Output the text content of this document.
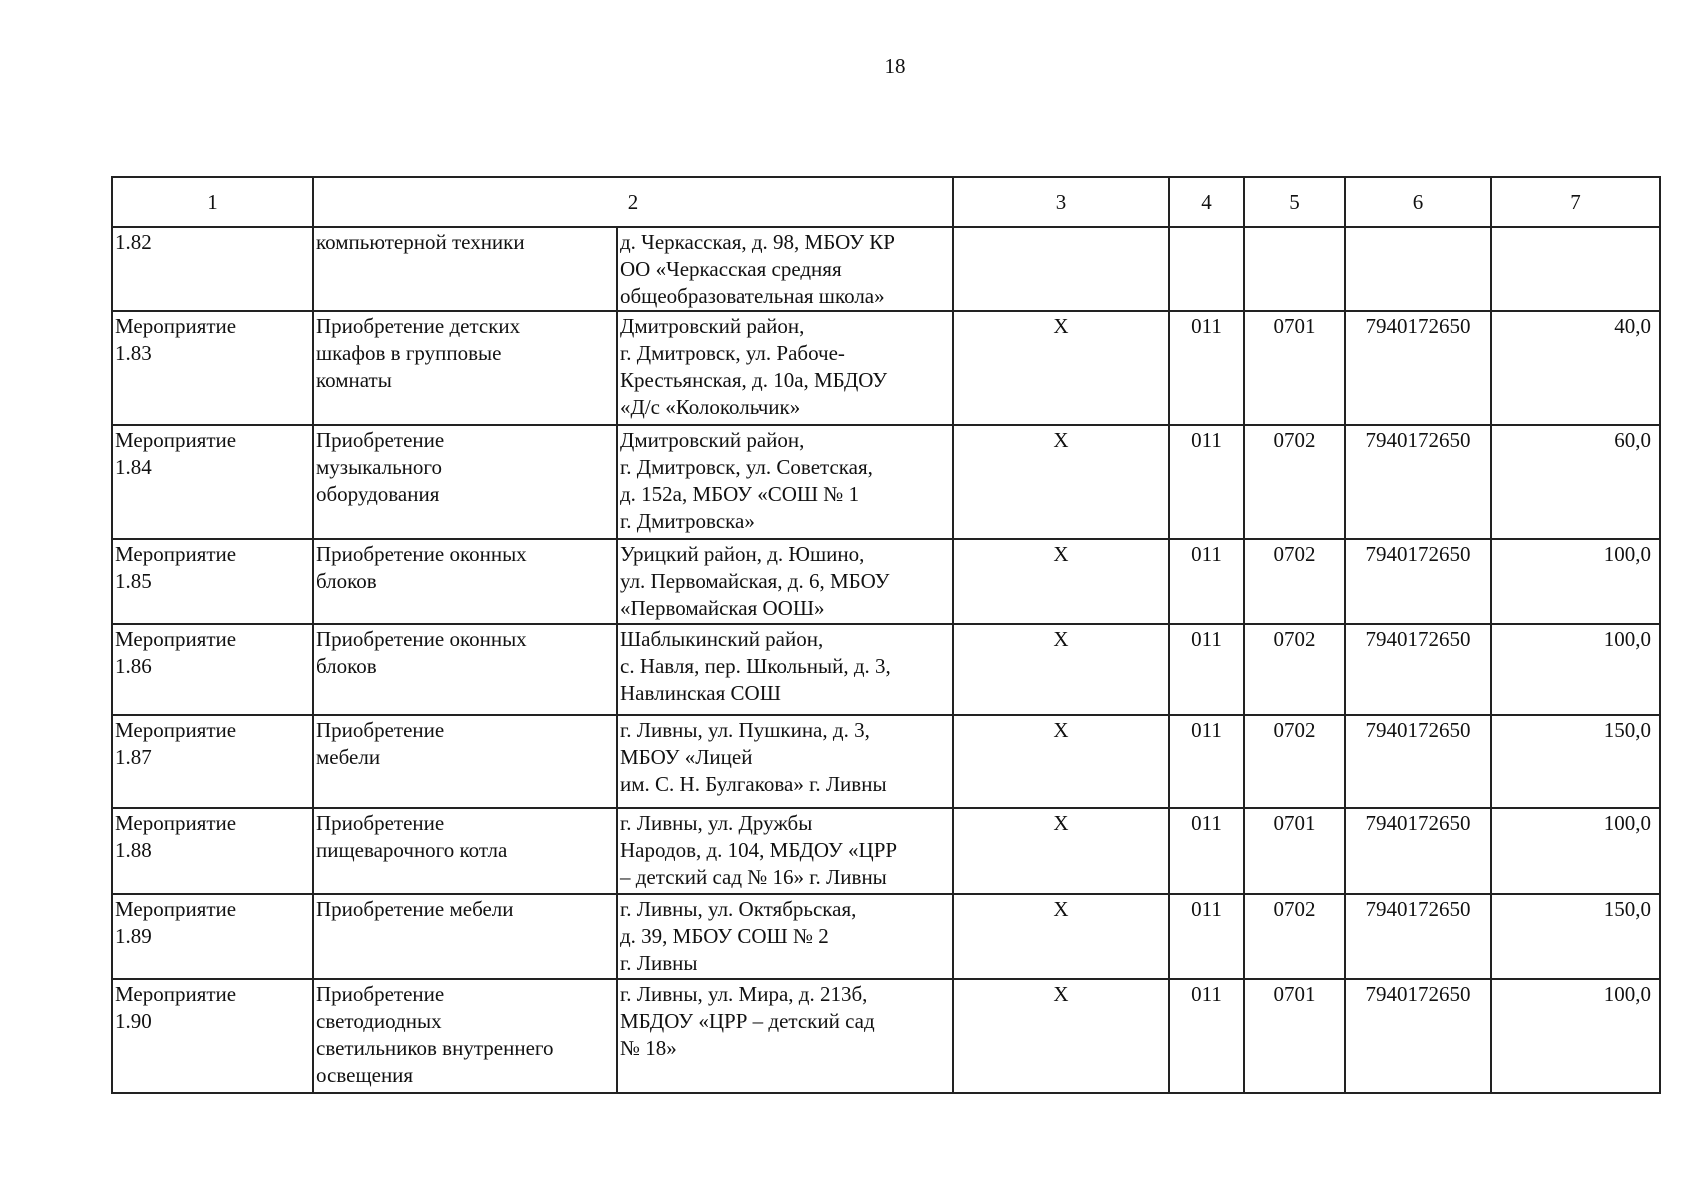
18
1	2		3	4	5	6	7

1.82	компьютерной техники	д. Черкасская, д. 98, МБОУ КР
ОО «Черкасская средняя
общеобразовательная школа»					

Мероприятие
1.83	Приобретение детских
шкафов в групповые
комнаты	Дмитровский район,
г. Дмитровск, ул. Рабоче-
Крестьянская, д. 10а, МБДОУ
«Д/с «Колокольчик»	X	011	0701	7940172650	40,0

Мероприятие
1.84	Приобретение
музыкального
оборудования	Дмитровский район,
г. Дмитровск, ул. Советская,
д. 152а, МБОУ «СОШ № 1
г. Дмитровска»	X	011	0702	7940172650	60,0

Мероприятие
1.85	Приобретение оконных
блоков	Урицкий район, д. Юшино,
ул. Первомайская, д. 6, МБОУ
«Первомайская ООШ»	X	011	0702	7940172650	100,0

Мероприятие
1.86	Приобретение оконных
блоков	Шаблыкинский район,
с. Навля, пер. Школьный, д. 3,
Навлинская СОШ	X	011	0702	7940172650	100,0

Мероприятие
1.87	Приобретение
мебели	г. Ливны, ул. Пушкина, д. 3,
МБОУ «Лицей
им. С. Н. Булгакова» г. Ливны	X	011	0702	7940172650	150,0

Мероприятие
1.88	Приобретение
пищеварочного котла	г. Ливны, ул. Дружбы
Народов, д. 104, МБДОУ «ЦРР
– детский сад № 16» г. Ливны	X	011	0701	7940172650	100,0

Мероприятие
1.89	Приобретение мебели	г. Ливны, ул. Октябрьская,
д. 39, МБОУ СОШ № 2
г. Ливны	X	011	0702	7940172650	150,0

Мероприятие
1.90	Приобретение
светодиодных
светильников внутреннего
освещения	г. Ливны, ул. Мира, д. 213б,
МБДОУ «ЦРР – детский сад
№ 18»	X	011	0701	7940172650	100,0
